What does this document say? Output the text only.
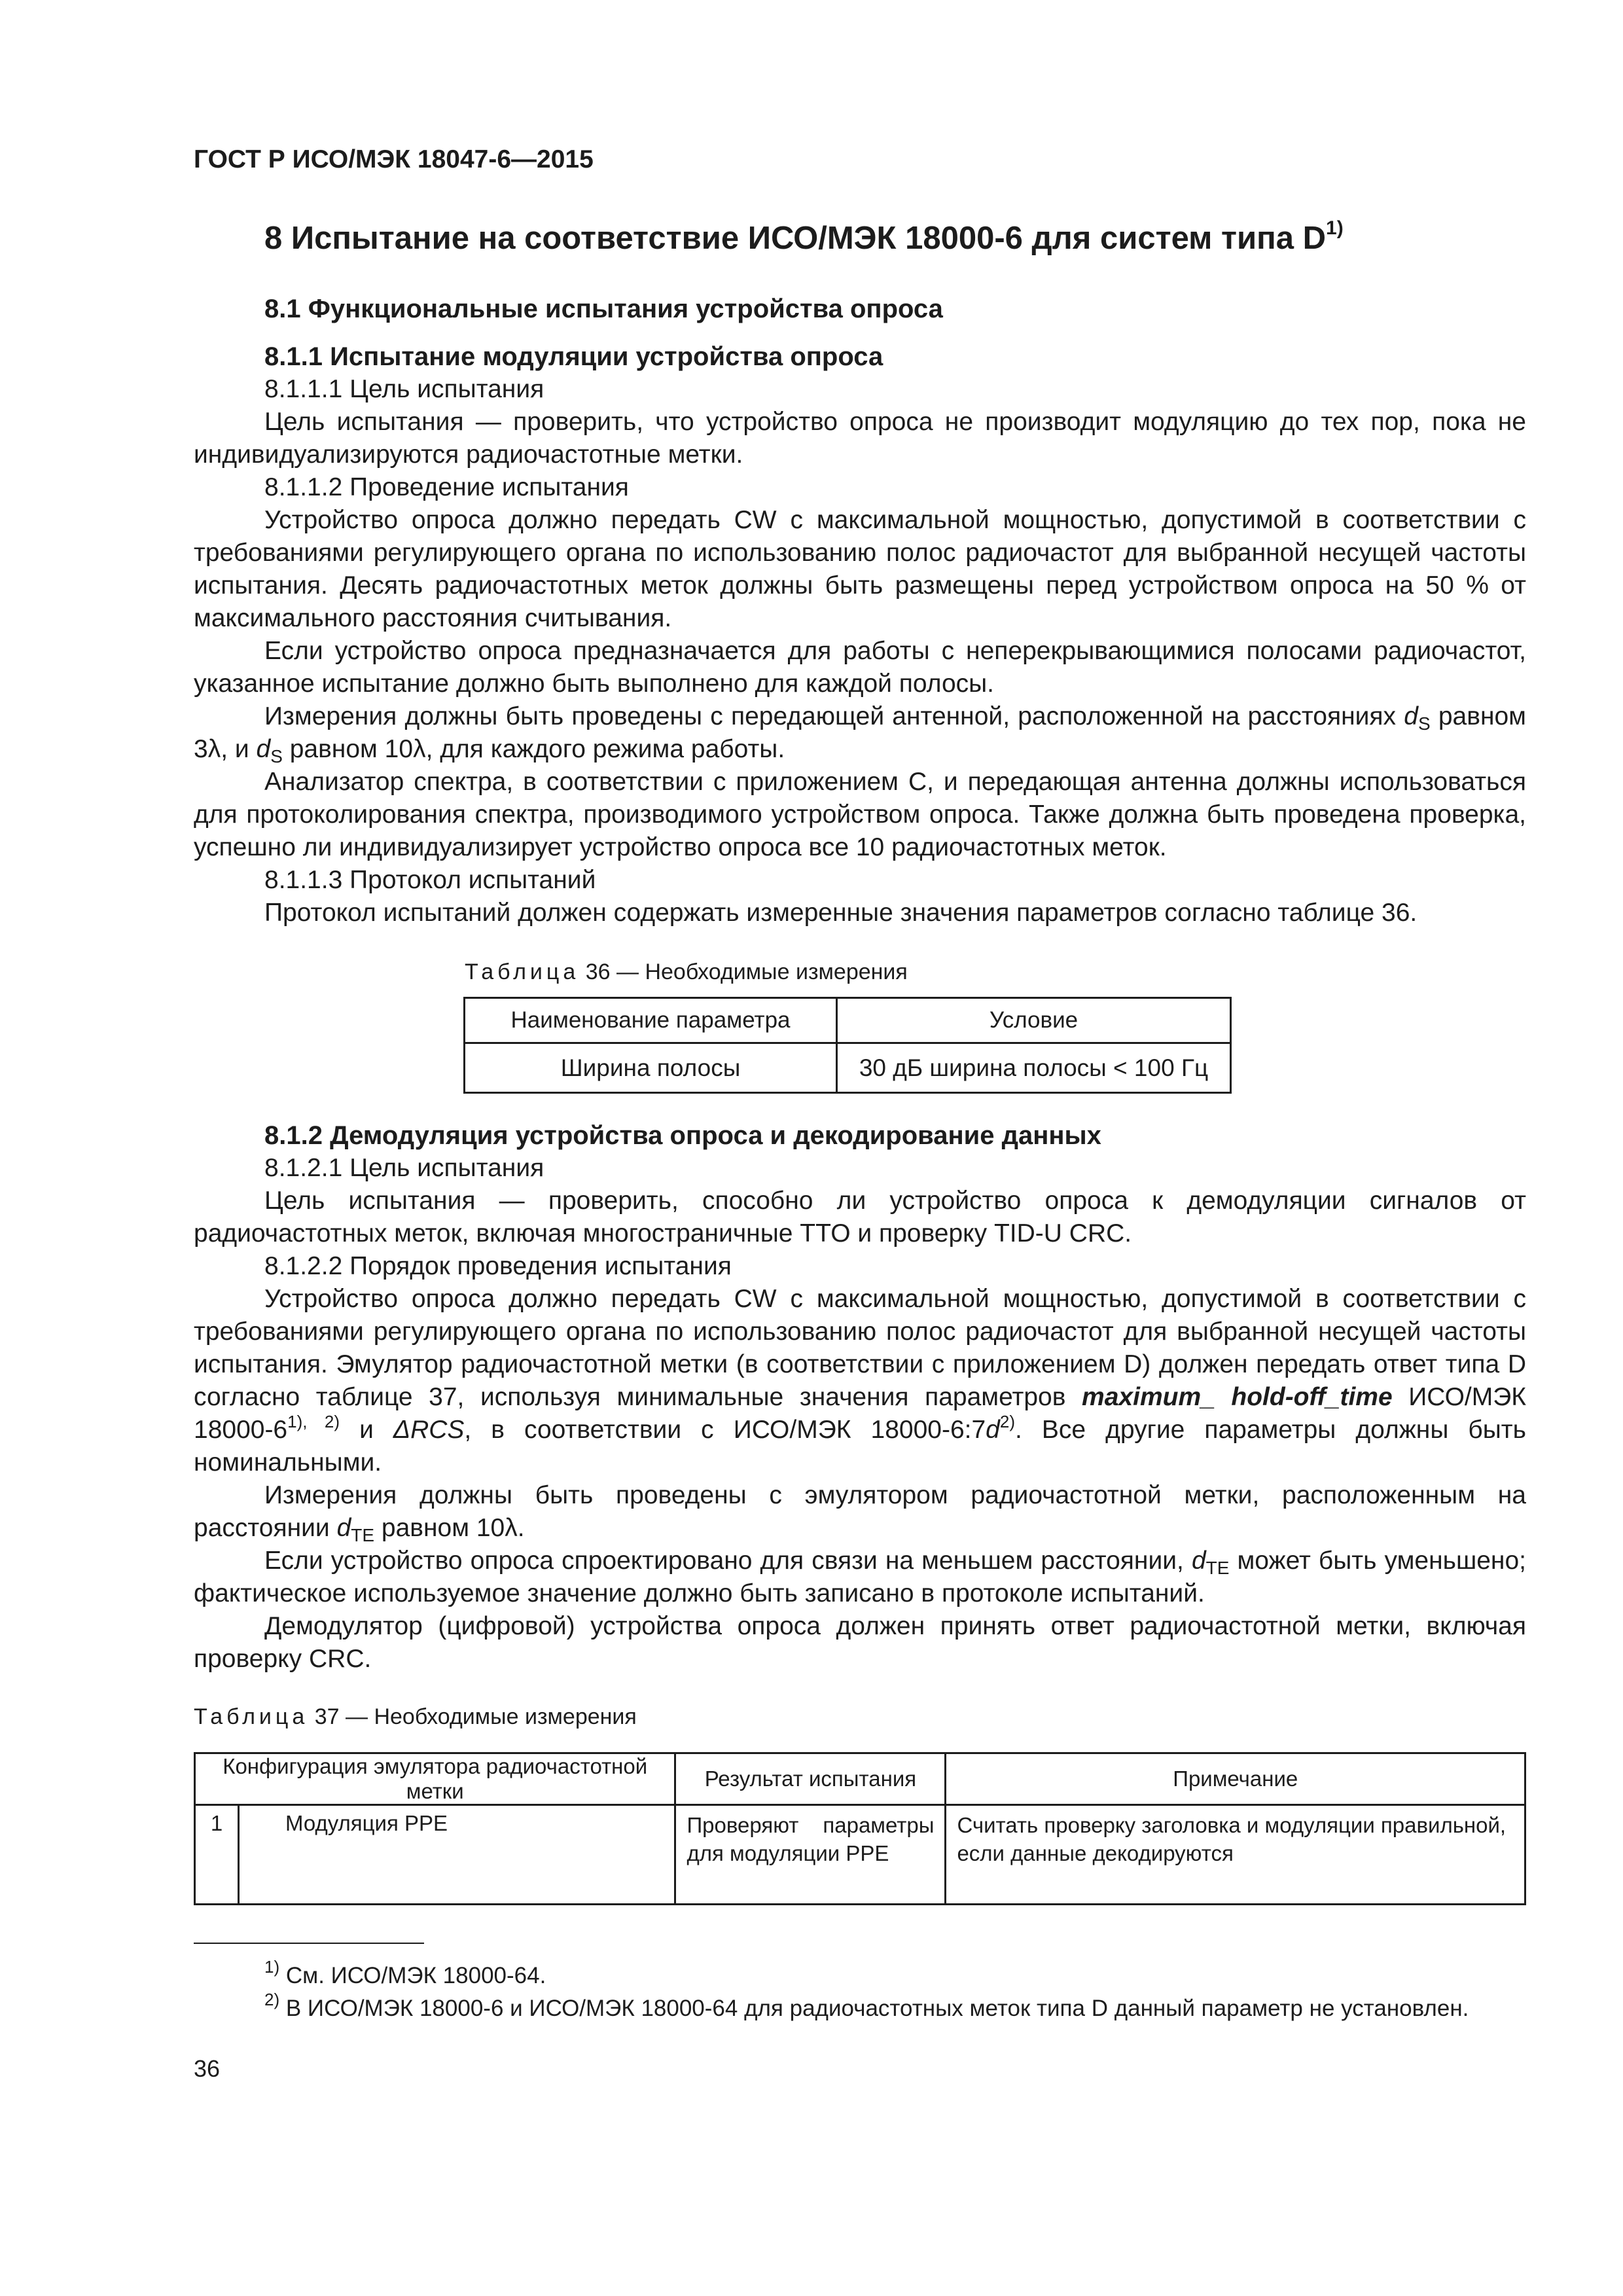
ГОСТ Р ИСО/МЭК 18047-6—2015
8 Испытание на соответствие ИСО/МЭК 18000-6 для систем типа $D^{1)}$
8.1 Функциональные испытания устройства опроса
8.1.1 Испытание модуляции устройства опроса
8.1.1.1 Цель испытания
Цель испытания — проверить, что устройство опроса не производит модуляцию до тех пор, пока не индивидуализируются радиочастотные метки.
8.1.1.2 Проведение испытания
Устройство опроса должно передать CW с максимальной мощностью, допустимой в соответствии с требованиями регулирующего органа по использованию полос радиочастот для выбранной несущей частоты испытания. Десять радиочастотных меток должны быть размещены перед устройством опроса на 50 % от максимального расстояния считывания.
Если устройство опроса предназначается для работы с неперекрывающимися полосами радиочастот, указанное испытание должно быть выполнено для каждой полосы.
Измерения должны быть проведены с передающей антенной, расположенной на расстояниях $d_S$ равном 3λ, и $d_S$ равном 10λ, для каждого режима работы.
Анализатор спектра, в соответствии с приложением С, и передающая антенна должны использоваться для протоколирования спектра, производимого устройством опроса. Также должна быть проведена проверка, успешно ли индивидуализирует устройство опроса все 10 радиочастотных меток.
8.1.1.3 Протокол испытаний
Протокол испытаний должен содержать измеренные значения параметров согласно таблице 36.
Таблица 36 — Необходимые измерения
Наименование параметра	Условие
Ширина полосы	30 дБ ширина полосы < 100 Гц
8.1.2 Демодуляция устройства опроса и декодирование данных
8.1.2.1 Цель испытания
Цель испытания — проверить, способно ли устройство опроса к демодуляции сигналов от радиочастотных меток, включая многостраничные TTO и проверку TID-U CRC.
8.1.2.2 Порядок проведения испытания
Устройство опроса должно передать CW с максимальной мощностью, допустимой в соответствии с требованиями регулирующего органа по использованию полос радиочастот для выбранной несущей частоты испытания. Эмулятор радиочастотной метки (в соответствии с приложением D) должен передать ответ типа D согласно таблице 37, используя минимальные значения параметров maximum_ hold-off_time ИСО/МЭК $18000-6^{1), 2)}$ и ΔRCS, в соответствии с ИСО/МЭК $18000-6:7d^{2)}$. Все другие параметры должны быть номинальными.
Измерения должны быть проведены с эмулятором радиочастотной метки, расположенным на расстоянии $d_{TE}$ равном 10λ.
Если устройство опроса спроектировано для связи на меньшем расстоянии, $d_{TE}$ может быть уменьшено; фактическое используемое значение должно быть записано в протоколе испытаний.
Демодулятор (цифровой) устройства опроса должен принять ответ радиочастотной метки, включая проверку CRC.
Таблица 37 — Необходимые измерения
Конфигурация эмулятора радиочастотной метки		Результат испытания	Примечание
1	Модуляция PPE	Проверяют параметры для модуляции PPE	Считать проверку заголовка и модуляции правильной, если данные декодируются
$^{1)}$ См. ИСО/МЭК 18000-64.
$^{2)}$ В ИСО/МЭК 18000-6 и ИСО/МЭК 18000-64 для радиочастотных меток типа D данный параметр не установлен.
36
